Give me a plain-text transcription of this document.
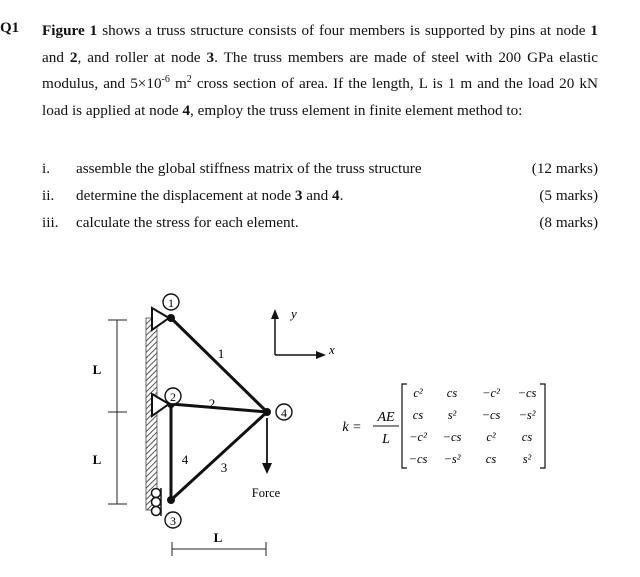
Q1 Figure 1 shows a truss structure consists of four members is supported by pins at node 1 and 2, and roller at node 3. The truss members are made of steel with 200 GPa elastic modulus, and $5\times 10^{-6}$ $m^2$ cross section of area. If the length, L is 1 m and the load 20 kN load is applied at node 4, employ the truss element in finite element method to:
i. assemble the global stiffness matrix of the truss structure	(12 marks)
ii. determine the displacement at node 3 and 4.	(5 marks)
iii. calculate the stress for each element.	(8 marks)
L
L
L
1
2
3
4
1
2
3
4
y
x
Force
k =
AE
L
c² cs −c² −cs
cs s² −cs −s²
−c² −cs c² cs
−cs −s² cs s²
